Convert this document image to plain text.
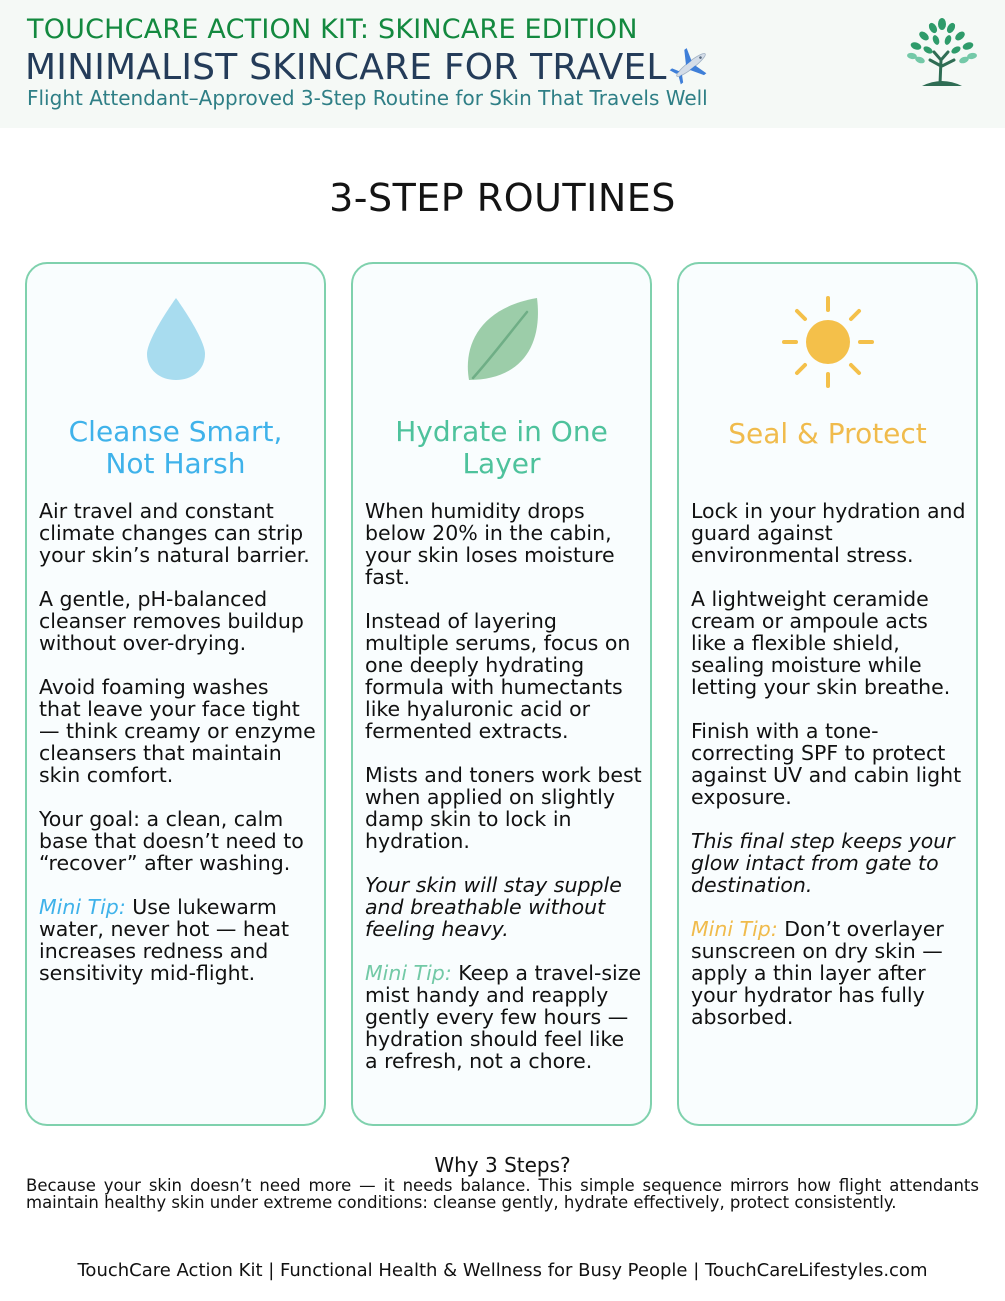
TOUCHCARE ACTION KIT: SKINCARE EDITION
MINIMALIST SKINCARE FOR TRAVEL
Flight Attendant–Approved 3-Step Routine for Skin That Travels Well
3-STEP ROUTINES
Cleanse Smart, Not Harsh

Air travel and constant climate changes can strip your skin’s natural barrier.

A gentle, pH-balanced cleanser removes buildup without over-drying.

Avoid foaming washes that leave your face tight — think creamy or enzyme cleansers that maintain skin comfort.

Your goal: a clean, calm base that doesn’t need to “recover” after washing.

Mini Tip: Use lukewarm water, never hot — heat increases redness and sensitivity mid-flight.

Hydrate in One Layer

When humidity drops below 20% in the cabin, your skin loses moisture fast.

Instead of layering multiple serums, focus on one deeply hydrating formula with humectants like hyaluronic acid or fermented extracts.

Mists and toners work best when applied on slightly damp skin to lock in hydration.

Your skin will stay supple and breathable without feeling heavy.

Mini Tip: Keep a travel-size mist handy and reapply gently every few hours — hydration should feel like a refresh, not a chore.

Seal & Protect

Lock in your hydration and guard against environmental stress.

A lightweight ceramide cream or ampoule acts like a flexible shield, sealing moisture while letting your skin breathe.

Finish with a tone-correcting SPF to protect against UV and cabin light exposure.

This final step keeps your glow intact from gate to destination.

Mini Tip: Don’t overlayer sunscreen on dry skin — apply a thin layer after your hydrator has fully absorbed.

Why 3 Steps?
Because your skin doesn’t need more — it needs balance. This simple sequence mirrors how flight attendants maintain healthy skin under extreme conditions: cleanse gently, hydrate effectively, protect consistently.
TouchCare Action Kit | Functional Health & Wellness for Busy People | TouchCareLifestyles.com
